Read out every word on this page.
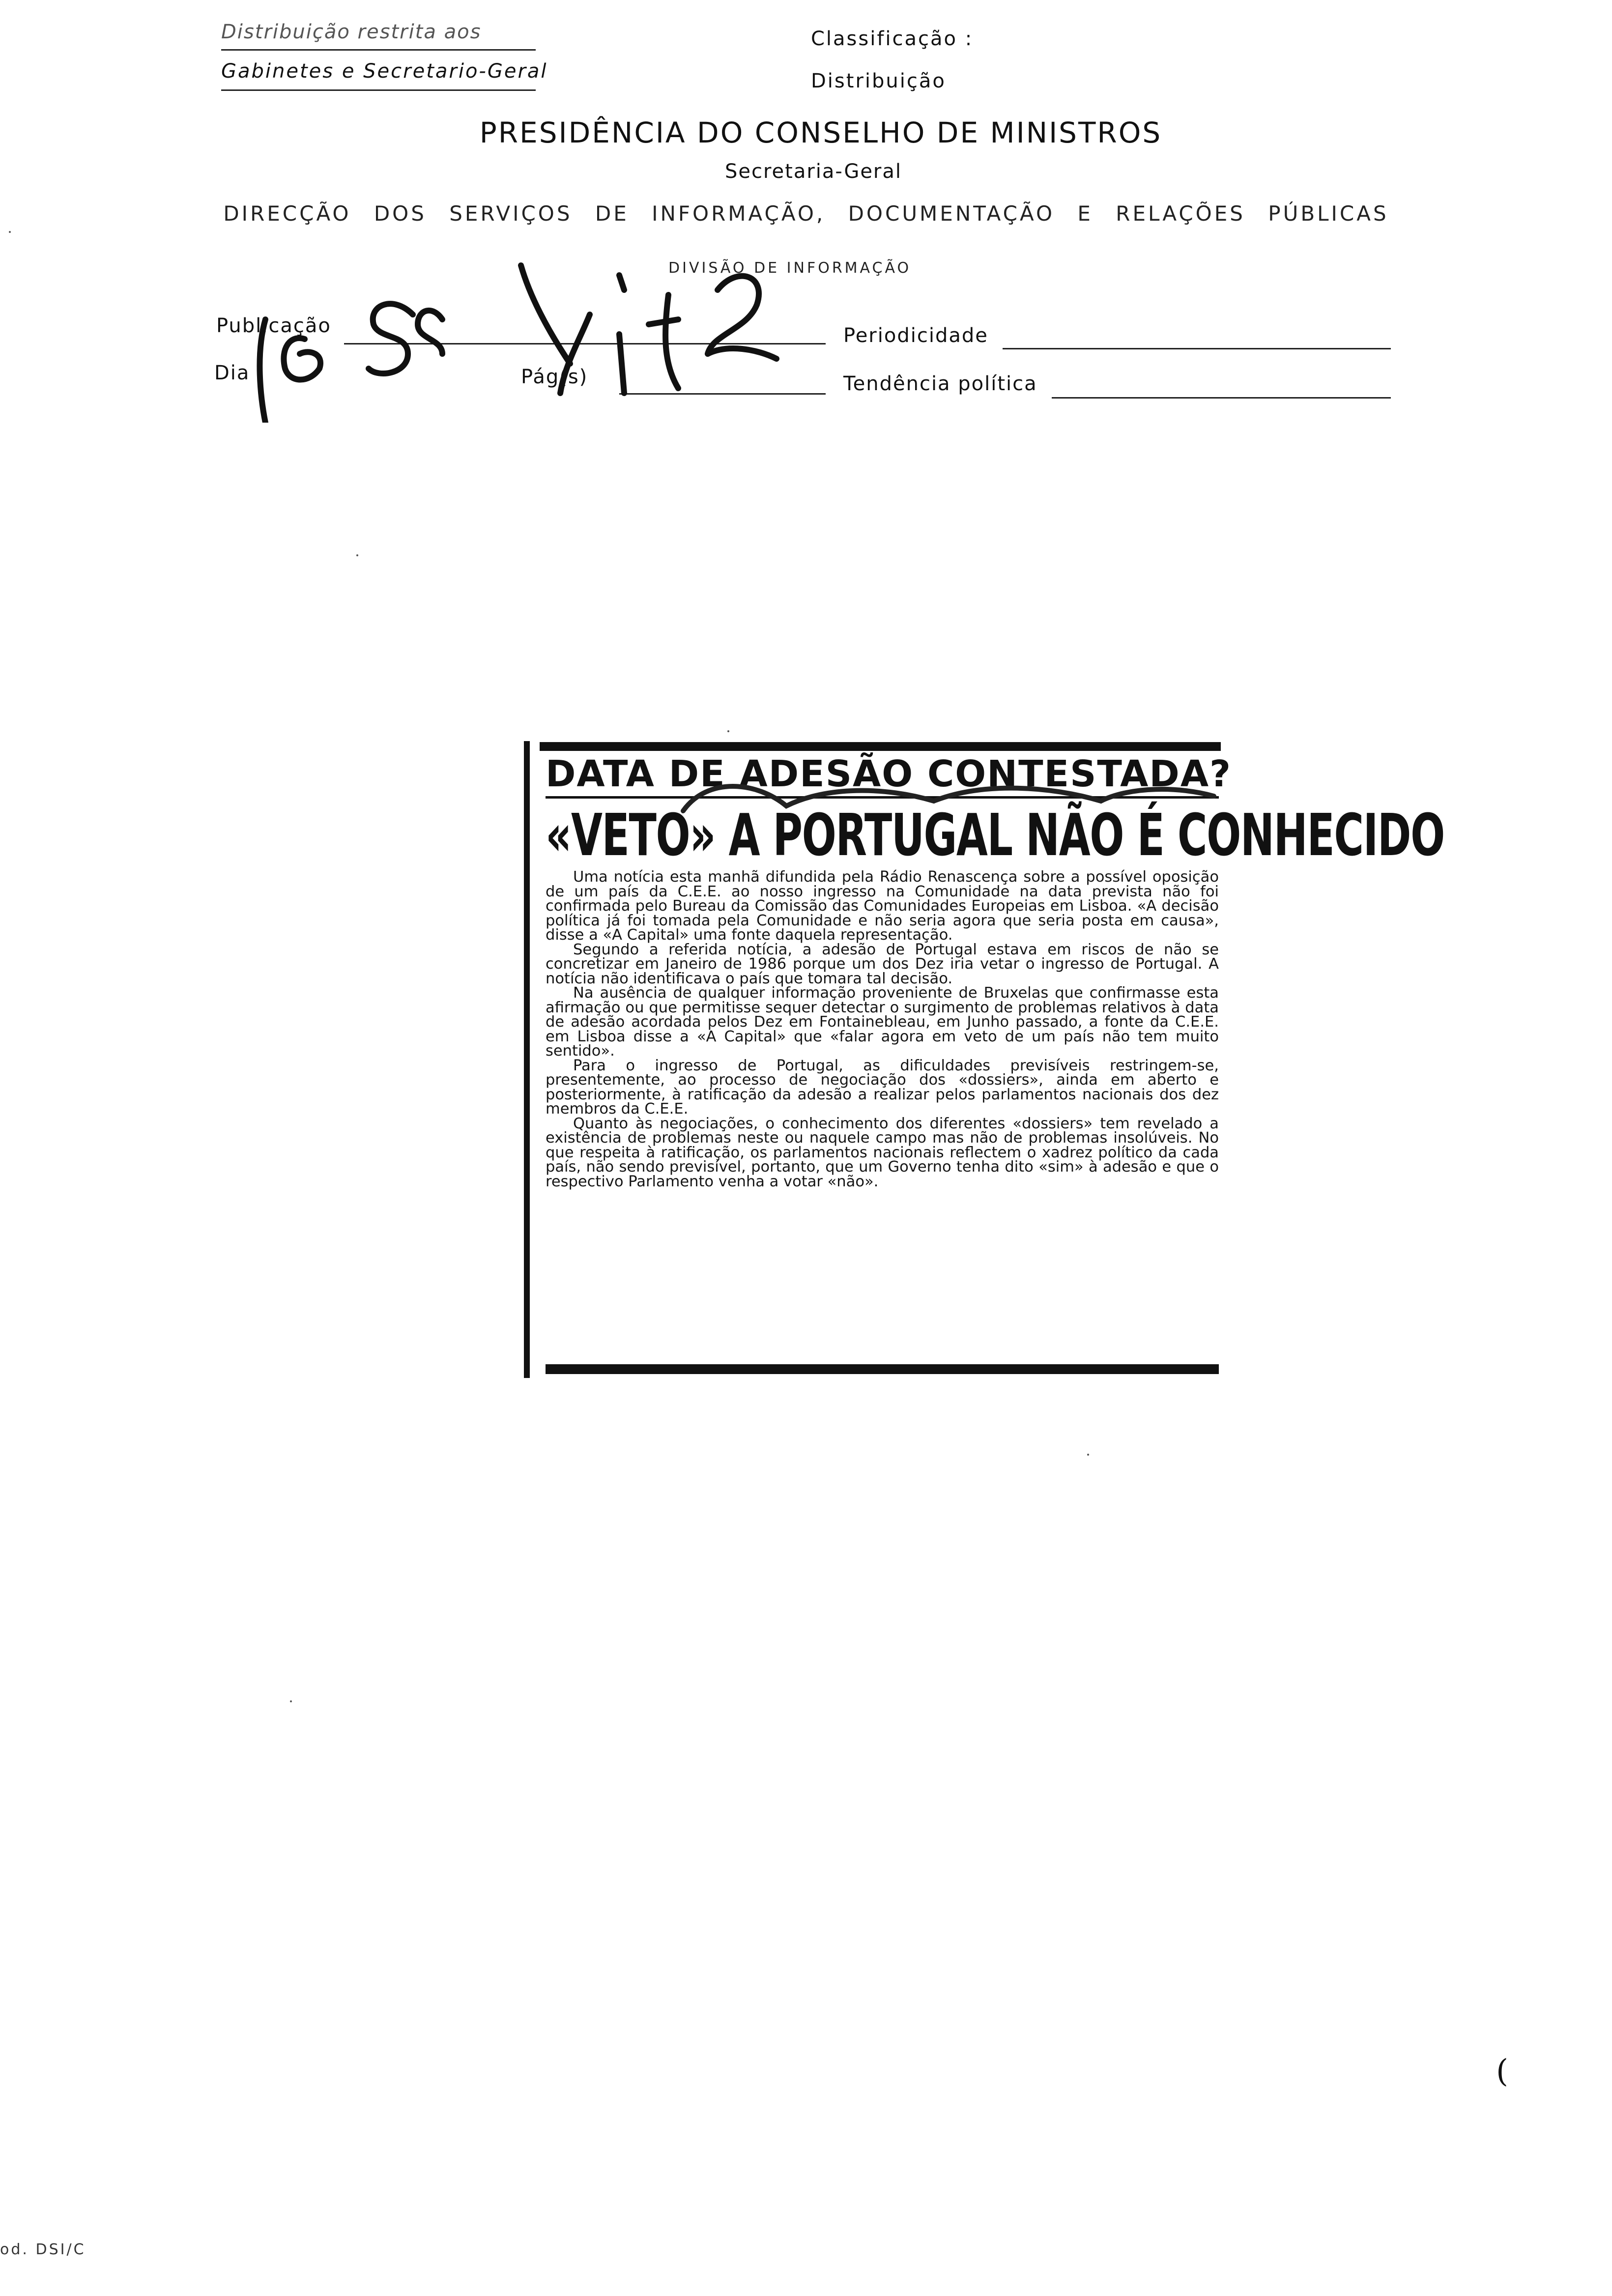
Distribuição restrita aos
Gabinetes e Secretario-Geral
Classificação :
Distribuição
PRESIDÊNCIA DO CONSELHO DE MINISTROS
Secretaria-Geral
DIRECÇÃO DOS SERVIÇOS DE INFORMAÇÃO, DOCUMENTAÇÃO E RELAÇÕES PÚBLICAS
DIVISÃO DE INFORMAÇÃO
Publicação	Periodicidade
Dia	Pág(s)	Tendência política
DATA DE ADESÃO CONTESTADA?
«VETO» A PORTUGAL NÃO É CONHECIDO

Uma notícia esta manhã difundida pela Rádio Renascença sobre a possível oposição de um país da C.E.E. ao nosso ingresso na Comunidade na data prevista não foi confirmada pelo Bureau da Comissão das Comunidades Europeias em Lisboa. «A decisão política já foi tomada pela Comunidade e não seria agora que seria posta em causa», disse a «A Capital» uma fonte daquela representação.

Segundo a referida notícia, a adesão de Portugal estava em riscos de não se concretizar em Janeiro de 1986 porque um dos Dez iria vetar o ingresso de Portugal. A notícia não identificava o país que tomara tal decisão.

Na ausência de qualquer informação proveniente de Bruxelas que confirmasse esta afirmação ou que permitisse sequer detectar o surgimento de problemas relativos à data de adesão acordada pelos Dez em Fontainebleau, em Junho passado, a fonte da C.E.E. em Lisboa disse a «A Capital» que «falar agora em veto de um país não tem muito sentido».

Para o ingresso de Portugal, as dificuldades previsíveis restringem-se, presentemente, ao processo de negociação dos «dossiers», ainda em aberto e posteriormente, à ratificação da adesão a realizar pelos parlamentos nacionais dos dez membros da C.E.E.

Quanto às negociações, o conhecimento dos diferentes «dossiers» tem revelado a existência de problemas neste ou naquele campo mas não de problemas insolúveis. No que respeita à ratificação, os parlamentos nacionais reflectem o xadrez político da cada país, não sendo previsível, portanto, que um Governo tenha dito «sim» à adesão e que o respectivo Parlamento venha a votar «não».

(
od. DSI/C
